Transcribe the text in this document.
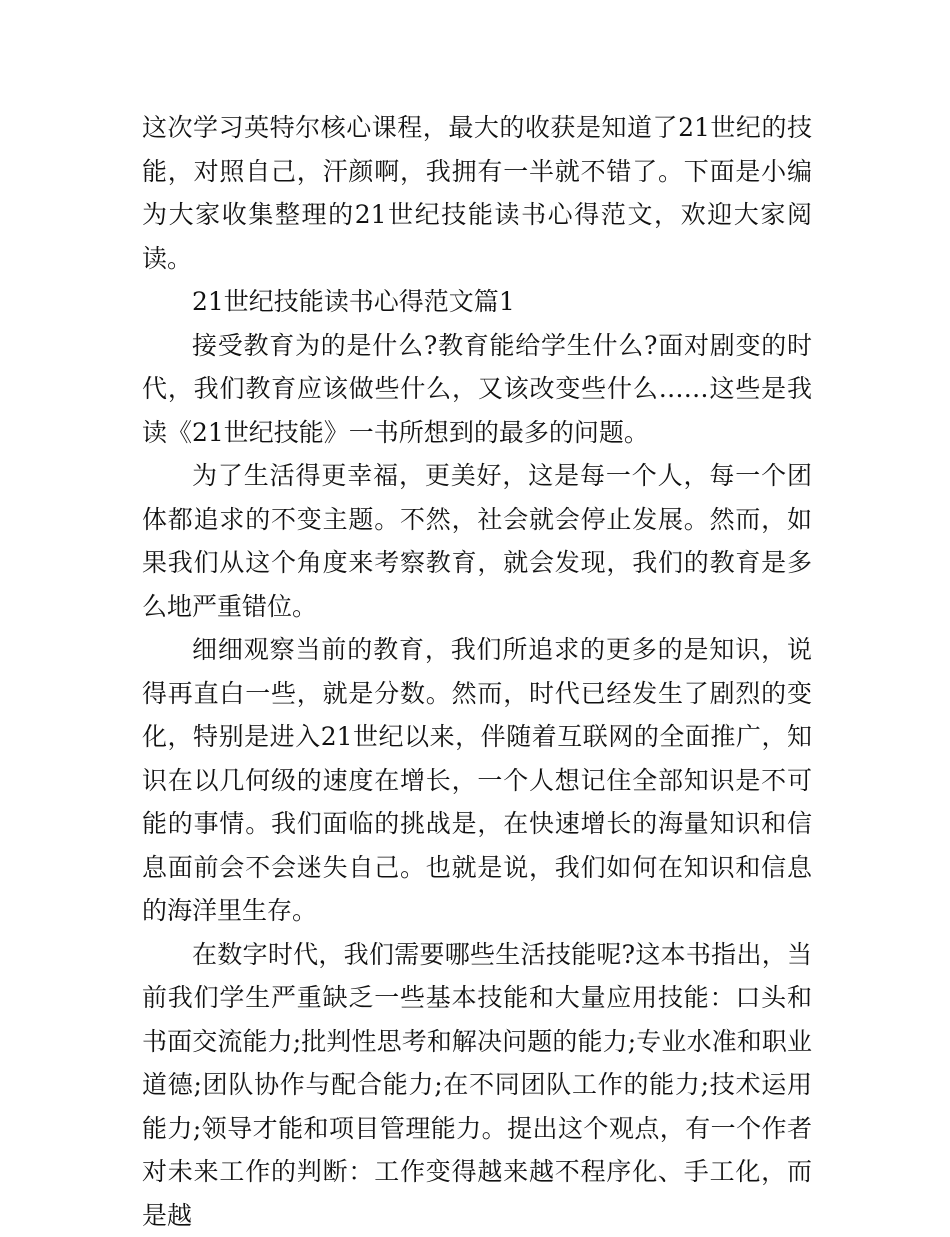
这次学习英特尔核心课程，最大的收获是知道了21世纪的技能，对照自己，汗颜啊，我拥有一半就不错了。下面是小编为大家收集整理的21世纪技能读书心得范文，欢迎大家阅读。

21世纪技能读书心得范文篇1

接受教育为的是什么?教育能给学生什么?面对剧变的时代，我们教育应该做些什么，又该改变些什么……这些是我读《21世纪技能》一书所想到的最多的问题。

为了生活得更幸福，更美好，这是每一个人，每一个团体都追求的不变主题。不然，社会就会停止发展。然而，如果我们从这个角度来考察教育，就会发现，我们的教育是多么地严重错位。

细细观察当前的教育，我们所追求的更多的是知识，说得再直白一些，就是分数。然而，时代已经发生了剧烈的变化，特别是进入21世纪以来，伴随着互联网的全面推广，知识在以几何级的速度在增长，一个人想记住全部知识是不可能的事情。我们面临的挑战是，在快速增长的海量知识和信息面前会不会迷失自己。也就是说，我们如何在知识和信息的海洋里生存。

在数字时代，我们需要哪些生活技能呢?这本书指出，当前我们学生严重缺乏一些基本技能和大量应用技能：口头和书面交流能力;批判性思考和解决问题的能力;专业水准和职业道德;团队协作与配合能力;在不同团队工作的能力;技术运用能力;领导才能和项目管理能力。提出这个观点，有一个作者对未来工作的判断：工作变得越来越不程序化、手工化，而是越
